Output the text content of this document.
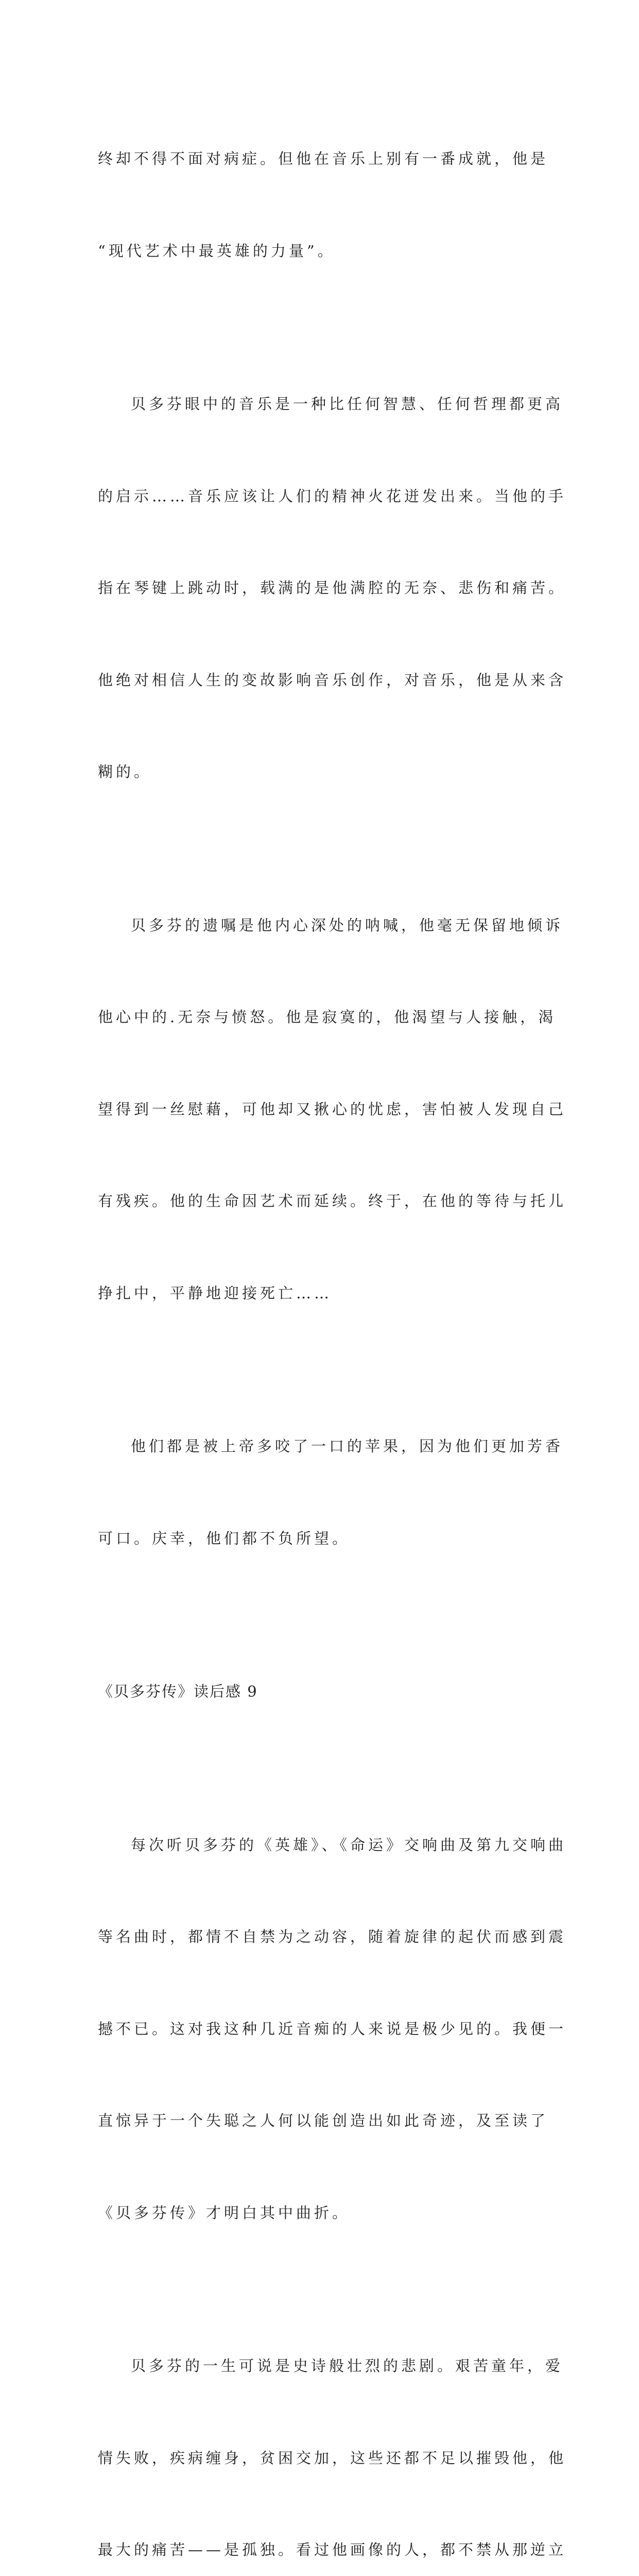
终却不得不面对病症。但他在音乐上别有一番成就，他是

“现代艺术中最英雄的力量”。

贝多芬眼中的音乐是一种比任何智慧、任何哲理都更高

的启示……音乐应该让人们的精神火花迸发出来。当他的手

指在琴键上跳动时，载满的是他满腔的无奈、悲伤和痛苦。

他绝对相信人生的变故影响音乐创作，对音乐，他是从来含

糊的。

贝多芬的遗嘱是他内心深处的呐喊，他毫无保留地倾诉

他心中的.无奈与愤怒。他是寂寞的，他渴望与人接触，渴

望得到一丝慰藉，可他却又揪心的忧虑，害怕被人发现自己

有残疾。他的生命因艺术而延续。终于，在他的等待与托儿

挣扎中，平静地迎接死亡……

他们都是被上帝多咬了一口的苹果，因为他们更加芳香

可口。庆幸，他们都不负所望。

《贝多芬传》读后感 9

每次听贝多芬的《英雄》、《命运》交响曲及第九交响曲

等名曲时，都情不自禁为之动容，随着旋律的起伏而感到震

撼不已。这对我这种几近音痴的人来说是极少见的。我便一

直惊异于一个失聪之人何以能创造出如此奇迹，及至读了

《贝多芬传》才明白其中曲折。

贝多芬的一生可说是史诗般壮烈的悲剧。艰苦童年，爱

情失败，疾病缠身，贫困交加，这些还都不足以摧毁他，他

最大的痛苦——是孤独。看过他画像的人，都不禁从那逆立
